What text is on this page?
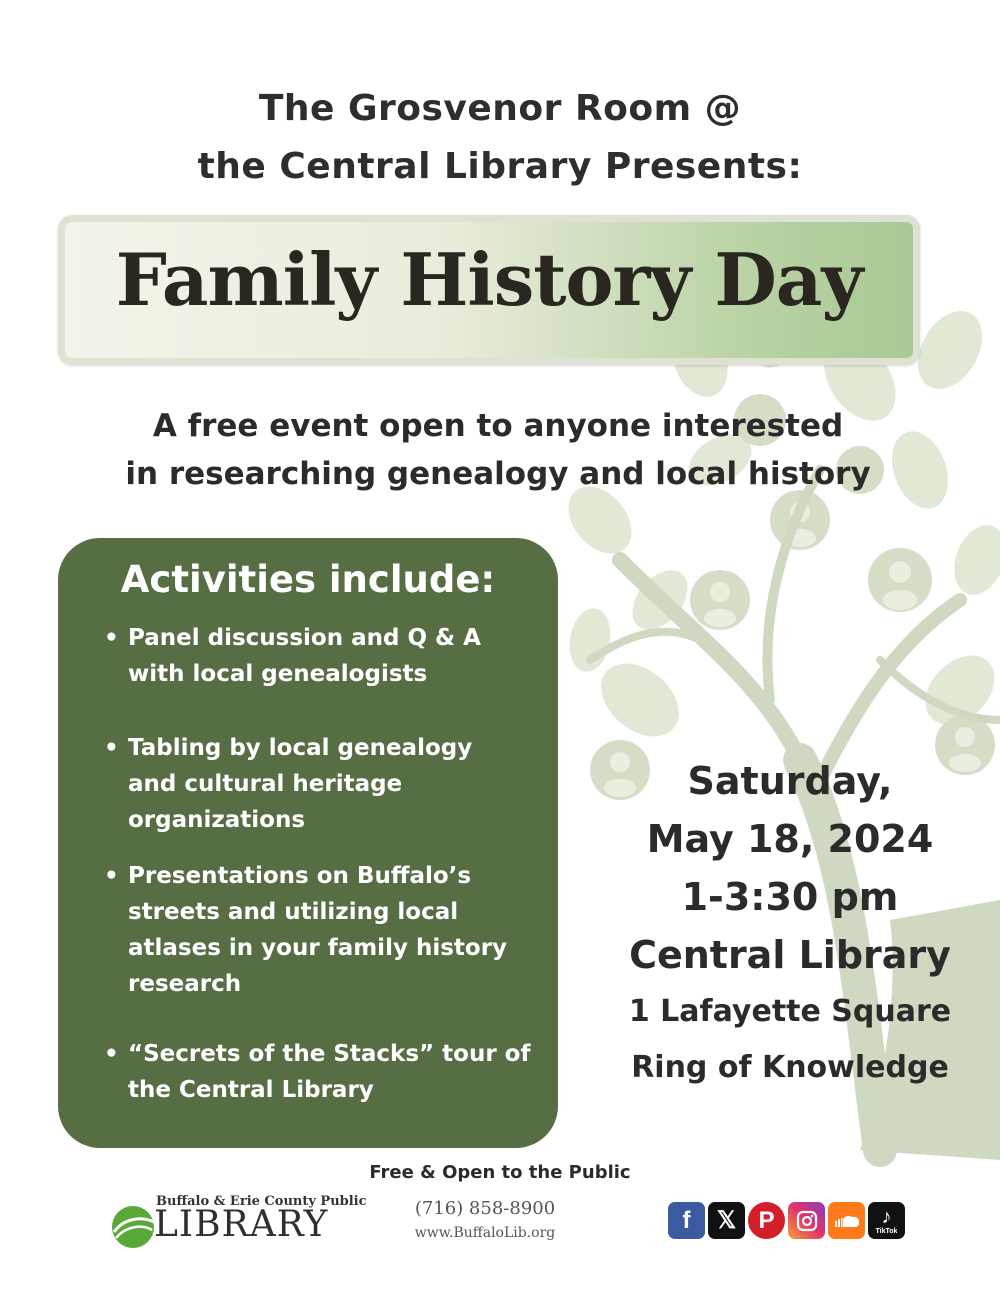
The Grosvenor Room @
the Central Library Presents:
Family History Day
A free event open to anyone interested
in researching genealogy and local history
Activities include:
• Panel discussion and Q & A
with local genealogists
• Tabling by local genealogy
and cultural heritage
organizations
• Presentations on Buffalo’s
streets and utilizing local
atlases in your family history
research
• “Secrets of the Stacks” tour of
the Central Library
Saturday,
May 18, 2024
1-3:30 pm
Central Library
1 Lafayette Square
Ring of Knowledge
Free & Open to the Public
Buffalo & Erie County Public
LIBRARY	(716) 858-8900
www.BuffaloLib.org	f 𝕏 P	♪
TikTok
